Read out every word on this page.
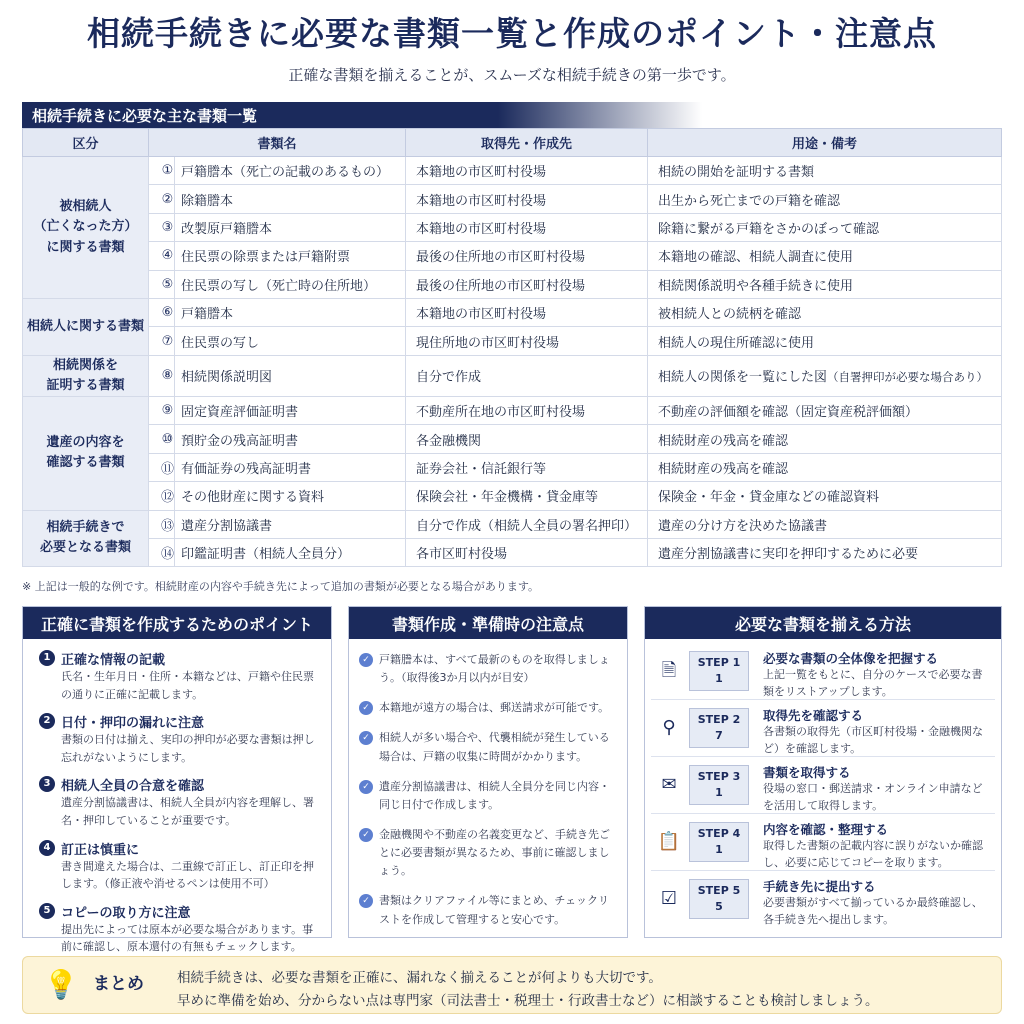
相続手続きに必要な書類一覧と作成のポイント・注意点
正確な書類を揃えることが、スムーズな相続手続きの第一歩です。
相続手続きに必要な主な書類一覧
区分	書類名		取得先・作成先	用途・備考
被相続人
（亡くなった方）
に関する書類	①	戸籍謄本（死亡の記載のあるもの）	本籍地の市区町村役場	相続の開始を証明する書類
	②	除籍謄本	本籍地の市区町村役場	出生から死亡までの戸籍を確認
	③	改製原戸籍謄本	本籍地の市区町村役場	除籍に繋がる戸籍をさかのぼって確認
	④	住民票の除票または戸籍附票	最後の住所地の市区町村役場	本籍地の確認、相続人調査に使用
	⑤	住民票の写し（死亡時の住所地）	最後の住所地の市区町村役場	相続関係説明や各種手続きに使用
相続人に関する書類	⑥	戸籍謄本	本籍地の市区町村役場	被相続人との続柄を確認
	⑦	住民票の写し	現住所地の市区町村役場	相続人の現住所確認に使用
相続関係を
証明する書類	⑧	相続関係説明図	自分で作成	相続人の関係を一覧にした図（自署押印が必要な場合あり）
遺産の内容を
確認する書類	⑨	固定資産評価証明書	不動産所在地の市区町村役場	不動産の評価額を確認（固定資産税評価額）
	⑩	預貯金の残高証明書	各金融機関	相続財産の残高を確認
	⑪	有価証券の残高証明書	証券会社・信託銀行等	相続財産の残高を確認
	⑫	その他財産に関する資料	保険会社・年金機構・貸金庫等	保険金・年金・貸金庫などの確認資料
相続手続きで
必要となる書類	⑬	遺産分割協議書	自分で作成（相続人全員の署名押印）	遺産の分け方を決めた協議書
	⑭	印鑑証明書（相続人全員分）	各市区町村役場	遺産分割協議書に実印を押印するために必要
※ 上記は一般的な例です。相続財産の内容や手続き先によって追加の書類が必要となる場合があります。
正確に書類を作成するためのポイント
1 正確な情報の記載
氏名・生年月日・住所・本籍などは、戸籍や住民票の通りに正確に記載します。
2 日付・押印の漏れに注意
書類の日付は揃え、実印の押印が必要な書類は押し忘れがないようにします。
3 相続人全員の合意を確認
遺産分割協議書は、相続人全員が内容を理解し、署名・押印していることが重要です。
4 訂正は慎重に
書き間違えた場合は、二重線で訂正し、訂正印を押します。（修正液や消せるペンは使用不可）
5 コピーの取り方に注意
提出先によっては原本が必要な場合があります。事前に確認し、原本還付の有無もチェックします。
書類作成・準備時の注意点
✓ 戸籍謄本は、すべて最新のものを取得しましょう。（取得後3か月以内が目安）
✓ 本籍地が遠方の場合は、郵送請求が可能です。
✓ 相続人が多い場合や、代襲相続が発生している場合は、戸籍の収集に時間がかかります。
✓ 遺産分割協議書は、相続人全員分を同じ内容・同じ日付で作成します。
✓ 金融機関や不動産の名義変更など、手続き先ごとに必要書類が異なるため、事前に確認しましょう。
✓ 書類はクリアファイル等にまとめ、チェックリストを作成して管理すると安心です。
必要な書類を揃える方法
🗎	STEP 1
1
必要な書類の全体像を把握する
上記一覧をもとに、自分のケースで必要な書類をリストアップします。
⚲	STEP 2
7
取得先を確認する
各書類の取得先（市区町村役場・金融機関など）を確認します。
✉	STEP 3
1
書類を取得する
役場の窓口・郵送請求・オンライン申請などを活用して取得します。
📋	STEP 4
1
内容を確認・整理する
取得した書類の記載内容に誤りがないか確認し、必要に応じてコピーを取ります。
☑	STEP 5
5
手続き先に提出する
必要書類がすべて揃っているか最終確認し、各手続き先へ提出します。
💡 まとめ 相続手続きは、必要な書類を正確に、漏れなく揃えることが何よりも大切です。
早めに準備を始め、分からない点は専門家（司法書士・税理士・行政書士など）に相談することも検討しましょう。
